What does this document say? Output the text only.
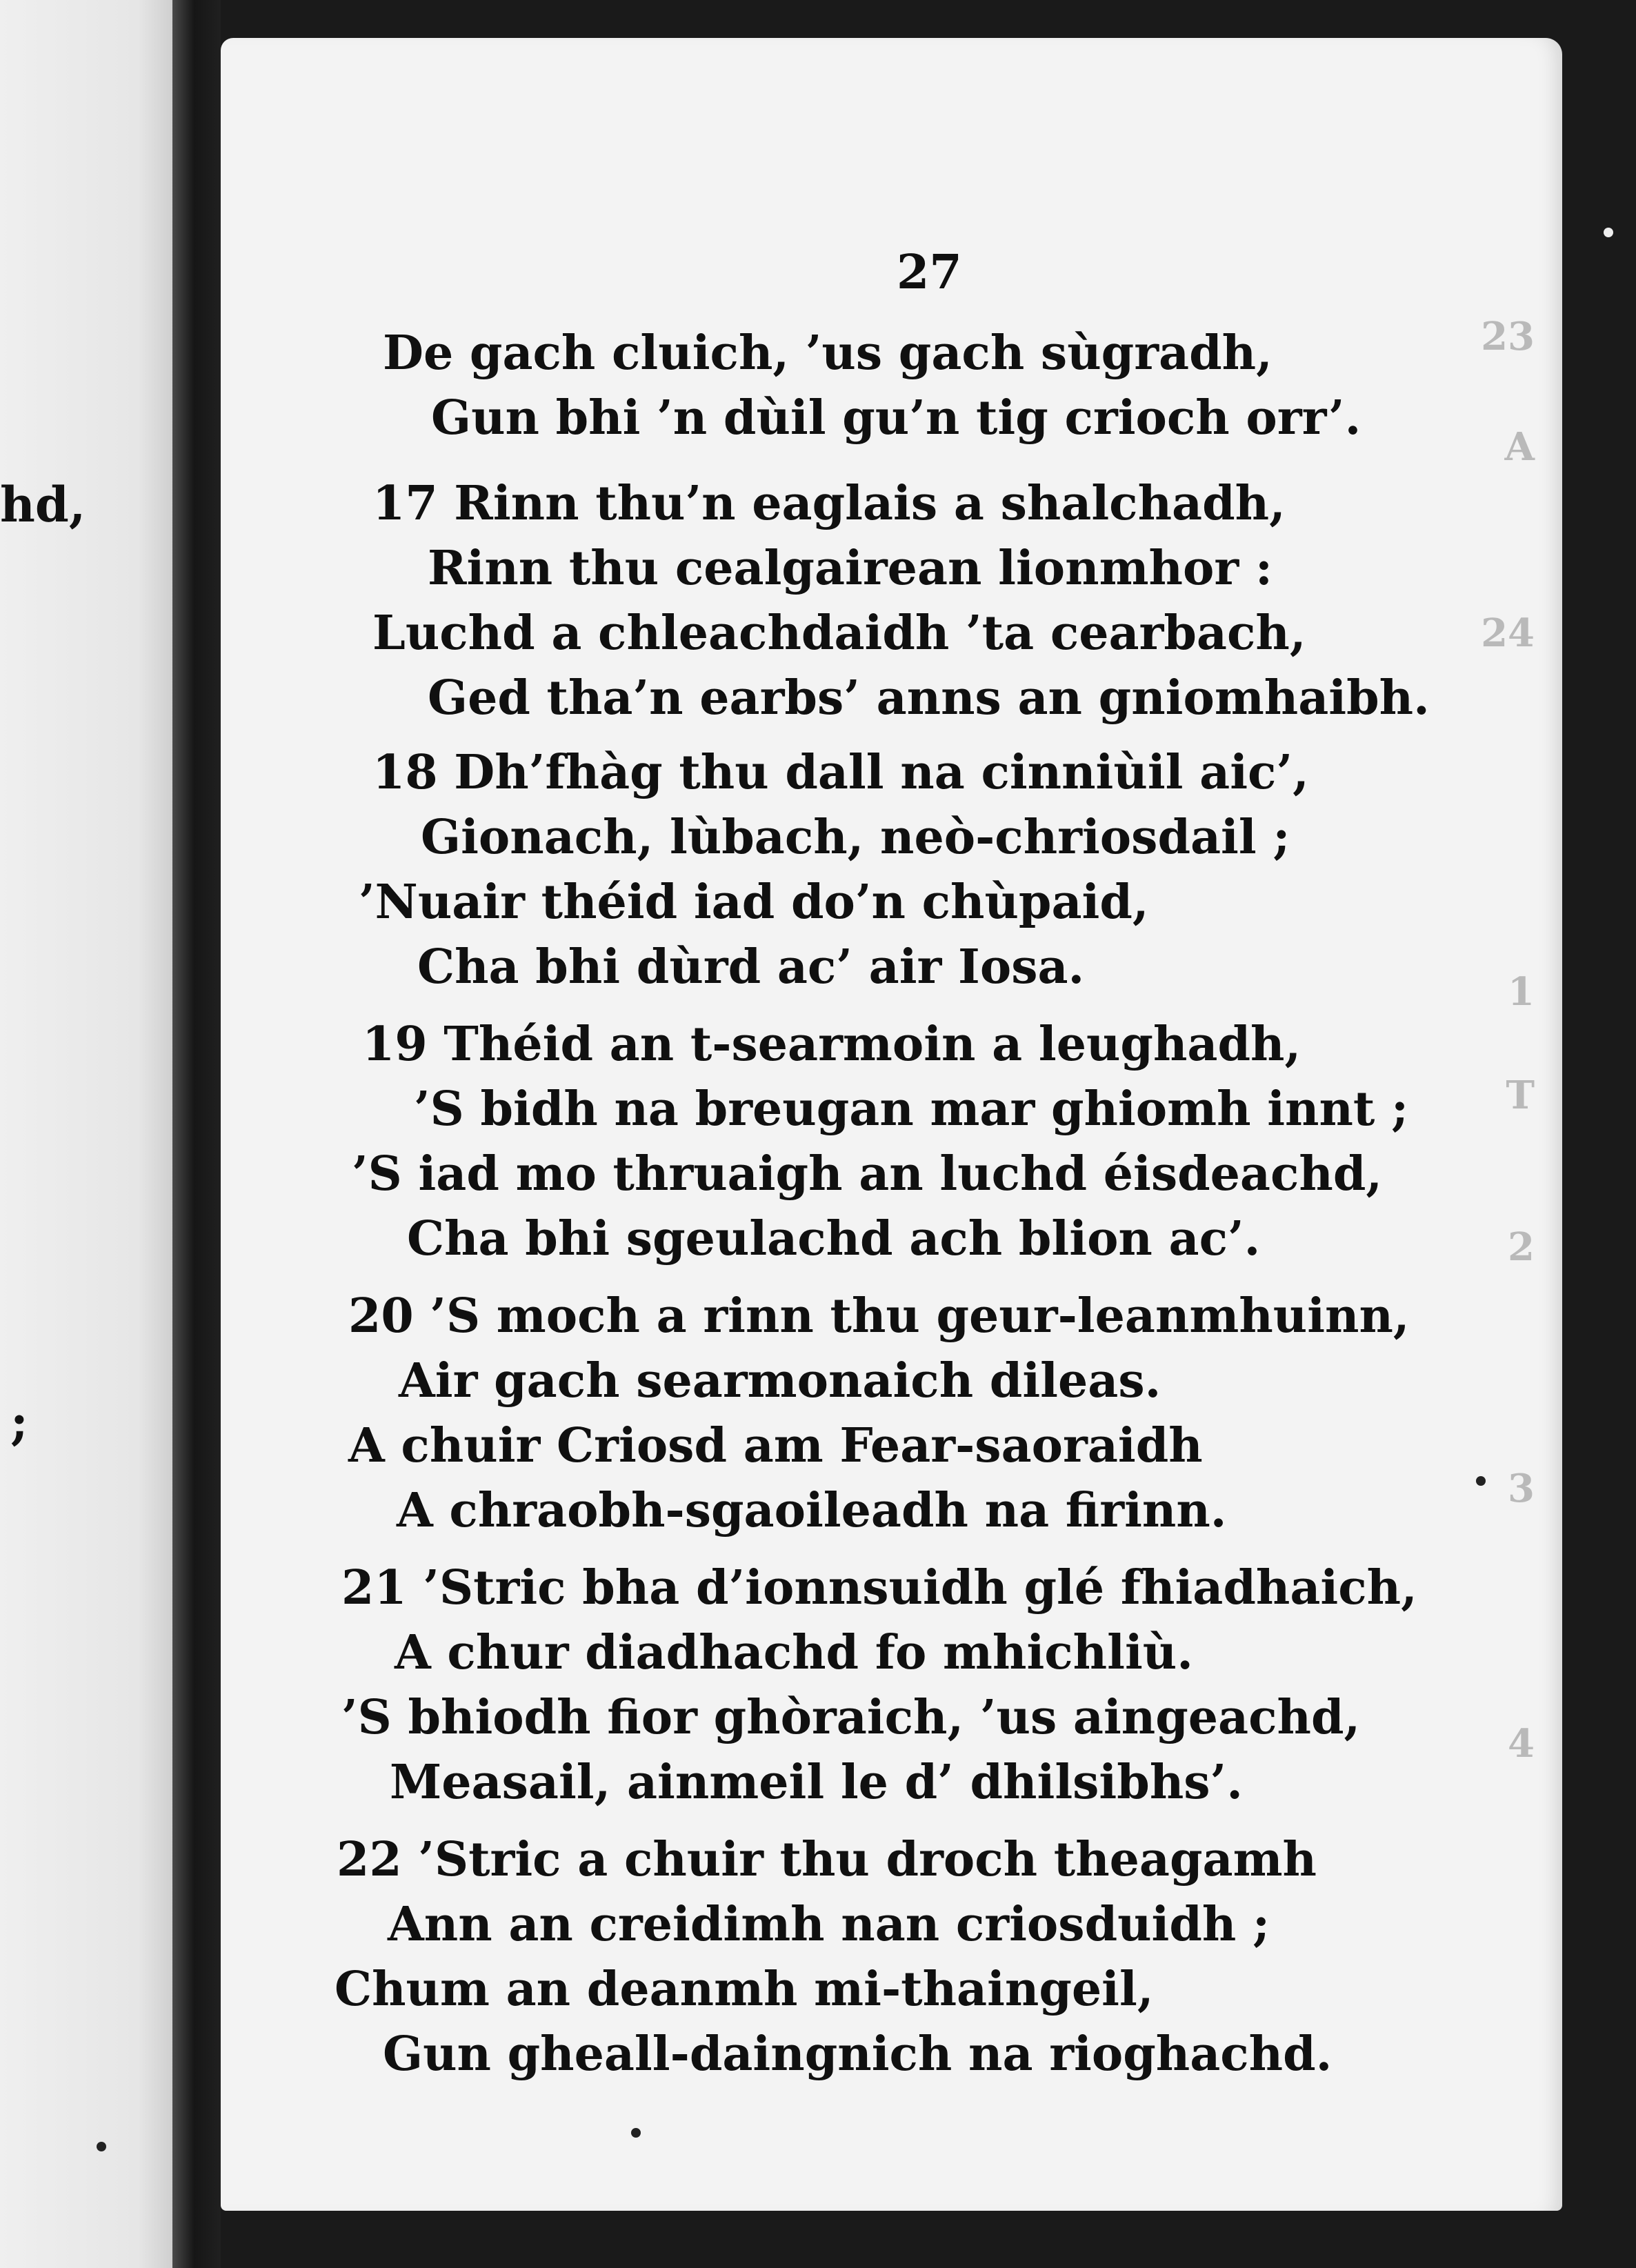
hd,
;
23
A
24
1
T
2
3
4
27
De gach cluich, ’us gach sùgradh,
Gun bhi ’n dùil gu’n tig crioch orr’.
17 Rinn thu’n eaglais a shalchadh,
Rinn thu cealgairean lionmhor :
Luchd a chleachdaidh ’ta cearbach,
Ged tha’n earbs’ anns an gniomhaibh.
18 Dh’fhàg thu dall na cinniùil aic’,
Gionach, lùbach, neò-chriosdail ;
’Nuair théid iad do’n chùpaid,
Cha bhi dùrd ac’ air Iosa.
19 Théid an t-searmoin a leughadh,
’S bidh na breugan mar ghiomh innt ;
’S iad mo thruaigh an luchd éisdeachd,
Cha bhi sgeulachd ach blion ac’.
20 ’S moch a rinn thu geur-leanmhuinn,
Air gach searmonaich dileas.
A chuir Criosd am Fear-saoraidh
A chraobh-sgaoileadh na firinn.
21 ’Stric bha d’ionnsuidh glé fhiadhaich,
A chur diadhachd fo mhichliù.
’S bhiodh fior ghòraich, ’us aingeachd,
Measail, ainmeil le d’ dhilsibhs’.
22 ’Stric a chuir thu droch theagamh
Ann an creidimh nan criosduidh ;
Chum an deanmh mi-thaingeil,
Gun gheall-daingnich na rioghachd.
